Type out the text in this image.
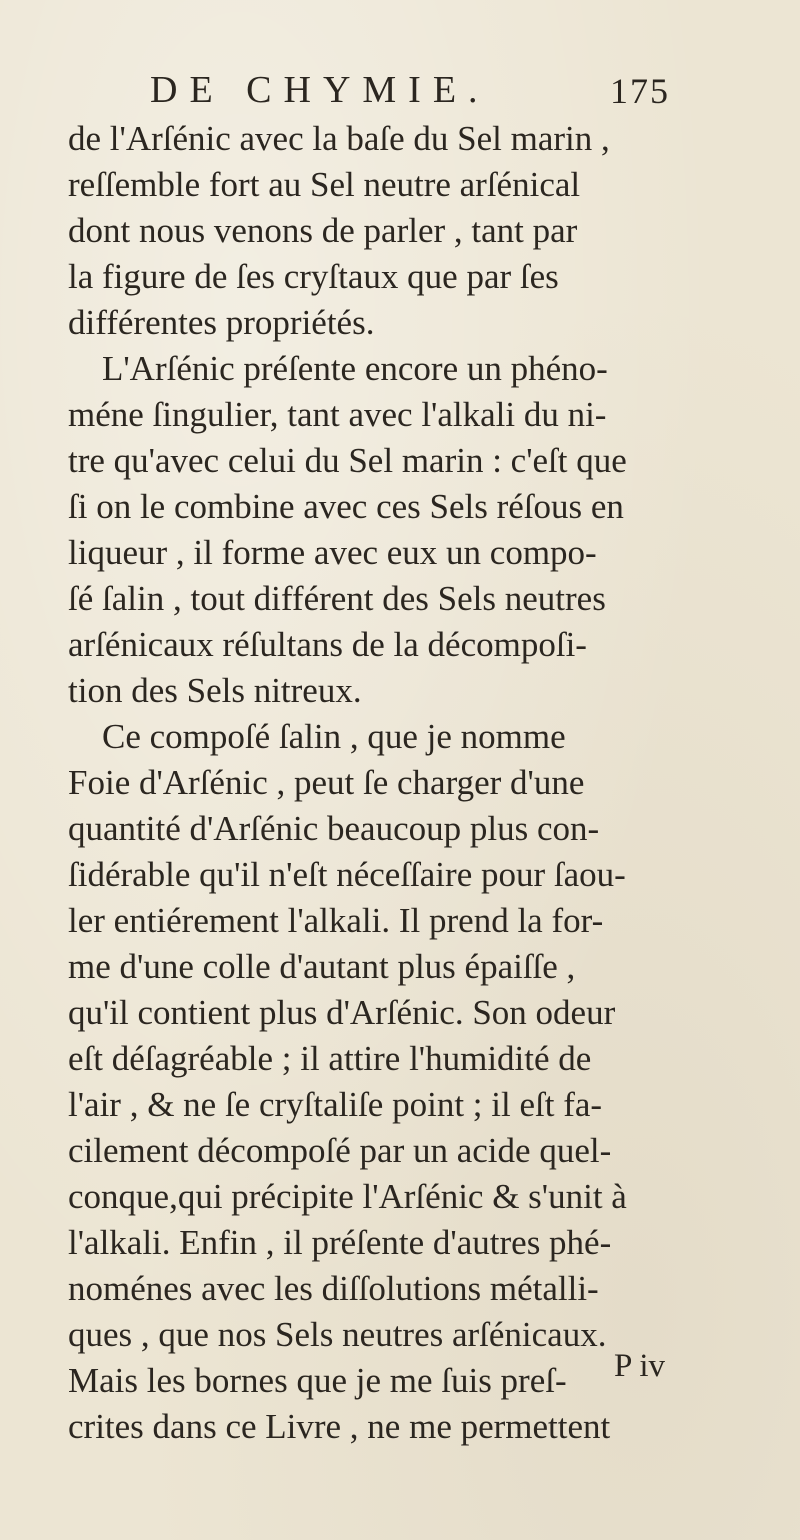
DE CHYMIE.	175
de l'Arſénic avec la baſe du Sel marin ,
reſſemble fort au Sel neutre arſénical
dont nous venons de parler , tant par
la figure de ſes cryſtaux que par ſes
différentes propriétés.
L'Arſénic préſente encore un phéno-
méne ſingulier, tant avec l'alkali du ni-
tre qu'avec celui du Sel marin : c'eſt que
ſi on le combine avec ces Sels réſous en
liqueur , il forme avec eux un compo-
ſé ſalin , tout différent des Sels neutres
arſénicaux réſultans de la décompoſi-
tion des Sels nitreux.
Ce compoſé ſalin , que je nomme
Foie d'Arſénic , peut ſe charger d'une
quantité d'Arſénic beaucoup plus con-
ſidérable qu'il n'eſt néceſſaire pour ſaou-
ler entiérement l'alkali. Il prend la for-
me d'une colle d'autant plus épaiſſe ,
qu'il contient plus d'Arſénic. Son odeur
eſt déſagréable ; il attire l'humidité de
l'air , & ne ſe cryſtaliſe point ; il eſt fa-
cilement décompoſé par un acide quel-
conque,qui précipite l'Arſénic & s'unit à
l'alkali. Enfin , il préſente d'autres phé-
noménes avec les diſſolutions métalli-
ques , que nos Sels neutres arſénicaux.
Mais les bornes que je me ſuis preſ-
crites dans ce Livre , ne me permettent
P iv
